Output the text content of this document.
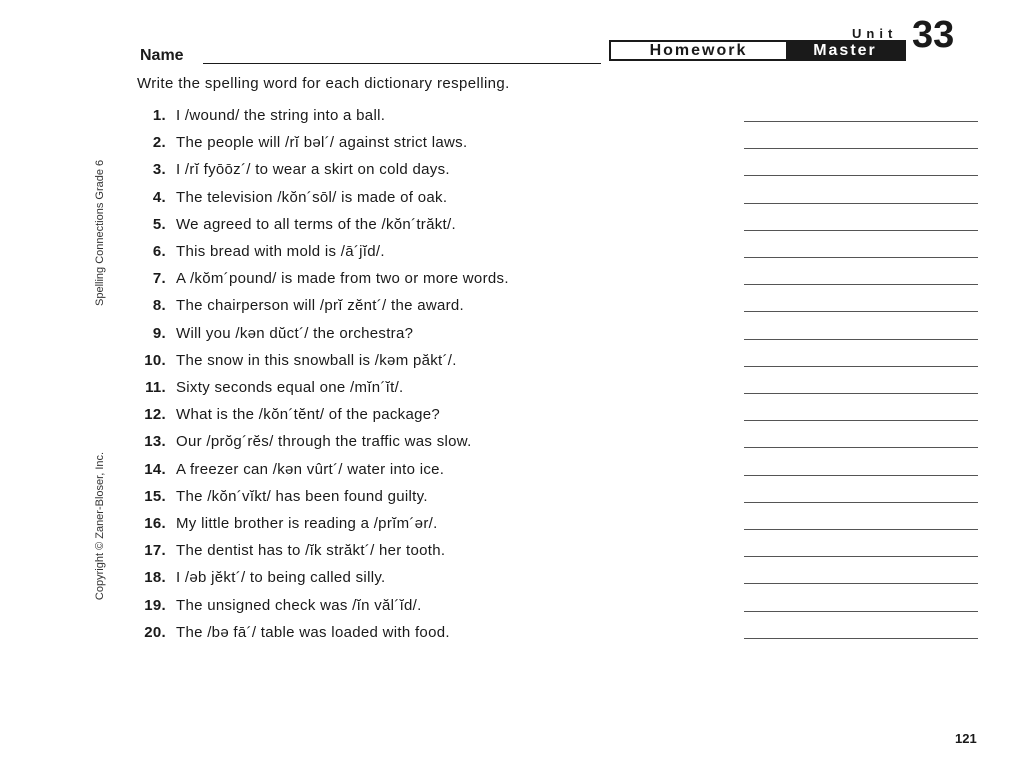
Unit 33
Homework	Master
Name
Write the spelling word for each dictionary respelling.
1. I /wound/ the string into a ball.
2. The people will /rĭ bəl´/ against strict laws.
3. I /rĭ fyōōz´/ to wear a skirt on cold days.
4. The television /kŏn´sōl/ is made of oak.
5. We agreed to all terms of the /kŏn´trăkt/.
6. This bread with mold is /ā´jĭd/.
7. A /kŏm´pound/ is made from two or more words.
8. The chairperson will /prĭ zĕnt´/ the award.
9. Will you /kən dŭct´/ the orchestra?
10. The snow in this snowball is /kəm păkt´/.
11. Sixty seconds equal one /mĭn´ĭt/.
12. What is the /kŏn´tĕnt/ of the package?
13. Our /prŏg´rĕs/ through the traffic was slow.
14. A freezer can /kən vûrt´/ water into ice.
15. The /kŏn´vĭkt/ has been found guilty.
16. My little brother is reading a /prĭm´ər/.
17. The dentist has to /ĭk străkt´/ her tooth.
18. I /əb jĕkt´/ to being called silly.
19. The unsigned check was /ĭn văl´ĭd/.
20. The /bə fā´/ table was loaded with food.
Spelling Connections Grade 6
Copyright © Zaner-Bloser, Inc.
121
